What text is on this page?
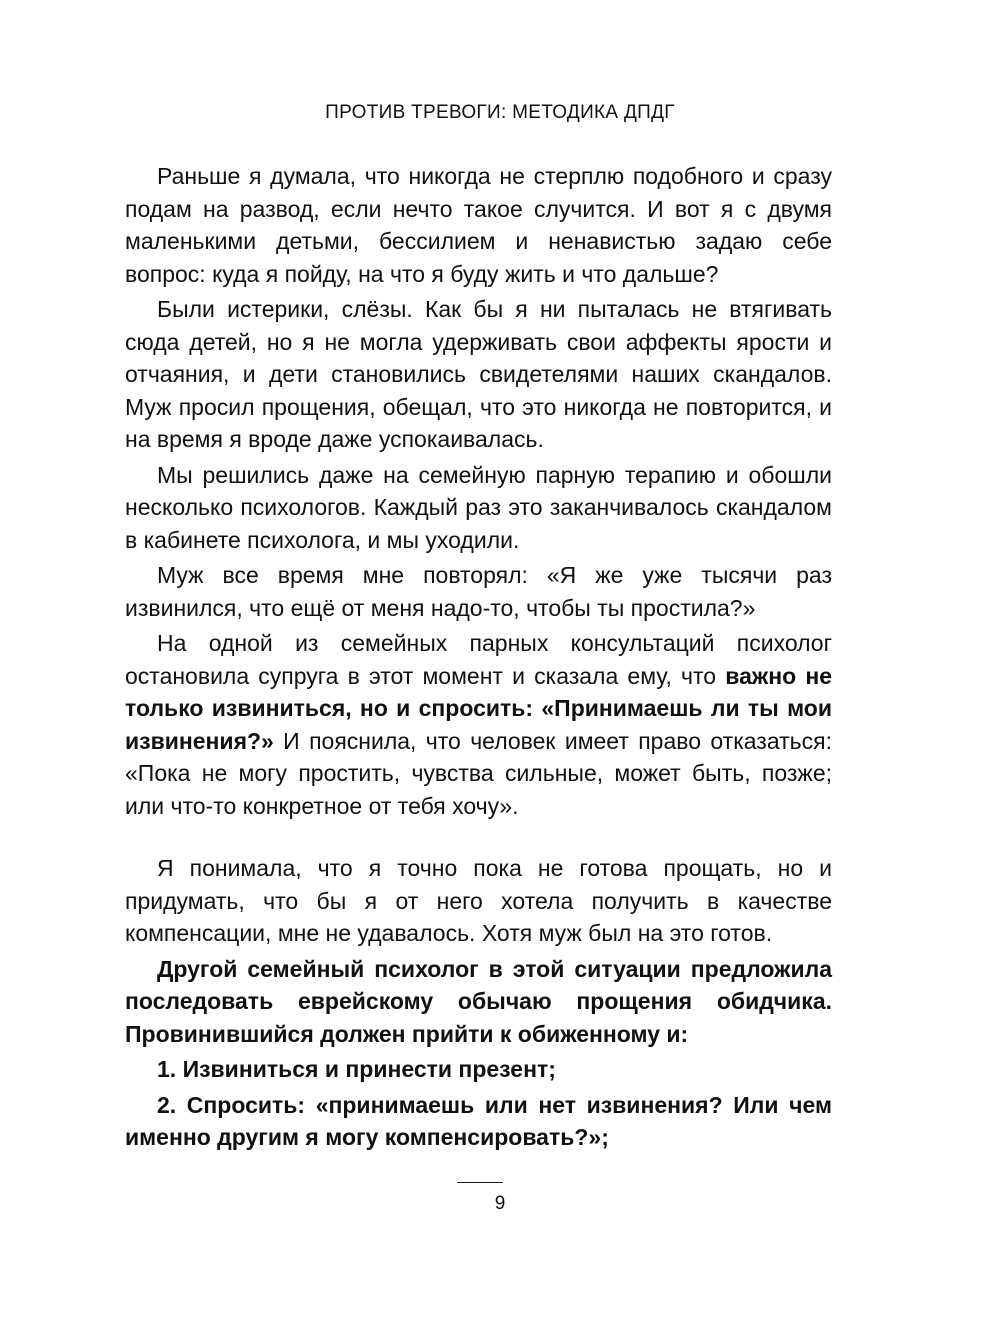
ПРОТИВ ТРЕВОГИ: МЕТОДИКА ДПДГ

Раньше я думала, что никогда не стерплю подобного и сразу подам на развод, если нечто такое случится. И вот я с двумя маленькими детьми, бессилием и ненавистью задаю себе вопрос: куда я пойду, на что я буду жить и что дальше?

Были истерики, слёзы. Как бы я ни пыталась не втягивать сюда детей, но я не могла удерживать свои аффекты ярости и отчаяния, и дети становились свидетелями наших скандалов. Муж просил прощения, обещал, что это никогда не повторится, и на время я вроде даже успокаивалась.

Мы решились даже на семейную парную терапию и обошли несколько психологов. Каждый раз это заканчивалось скандалом в кабинете психолога, и мы уходили.

Муж все время мне повторял: «Я же уже тысячи раз извинился, что ещё от меня надо-то, чтобы ты простила?»

На одной из семейных парных консультаций психолог остановила супруга в этот момент и сказала ему, что важно не только извиниться, но и спросить: «Принимаешь ли ты мои извинения?» И пояснила, что человек имеет право отказаться: «Пока не могу простить, чувства сильные, может быть, позже; или что-то конкретное от тебя хочу».

Я понимала, что я точно пока не готова прощать, но и придумать, что бы я от него хотела получить в качестве компенсации, мне не удавалось. Хотя муж был на это готов.

Другой семейный психолог в этой ситуации предложила последовать еврейскому обычаю прощения обидчика. Провинившийся должен прийти к обиженному и:

1. Извиниться и принести презент;

2. Спросить: «принимаешь или нет извинения? Или чем именно другим я могу компенсировать?»;

9
